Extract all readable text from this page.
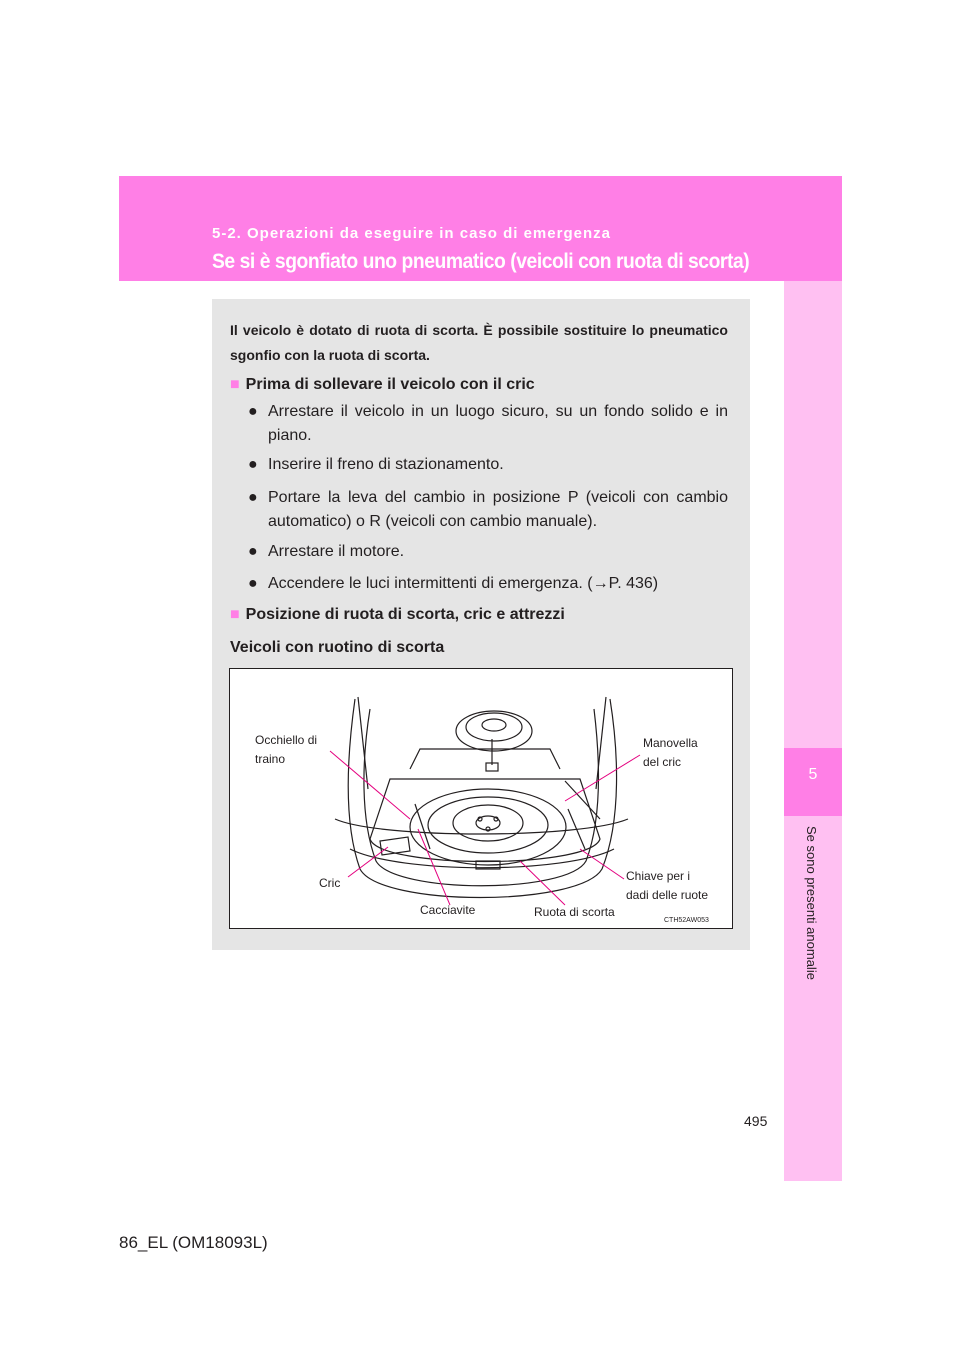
5-2. Operazioni da eseguire in caso di emergenza
Se si è sgonfiato uno pneumatico (veicoli con ruota di scorta)
5
Se sono presenti anomalie
Il veicolo è dotato di ruota di scorta. È possibile sostituire lo pneumatico sgonfio con la ruota di scorta.
■ Prima di sollevare il veicolo con il cric
● Arrestare il veicolo in un luogo sicuro, su un fondo solido e in piano.
● Inserire il freno di stazionamento.
● Portare la leva del cambio in posizione P (veicoli con cambio automatico) o R (veicoli con cambio manuale).
● Arrestare il motore.
● Accendere le luci intermittenti di emergenza. (→P. 436)
■ Posizione di ruota di scorta, cric e attrezzi
Veicoli con ruotino di scorta
Occhiello di
traino
Manovella
del cric
Cric	Chiave per i
dadi delle ruote
Cacciavite	Ruota di scorta
CTH52AW053
495
86_EL (OM18093L)
